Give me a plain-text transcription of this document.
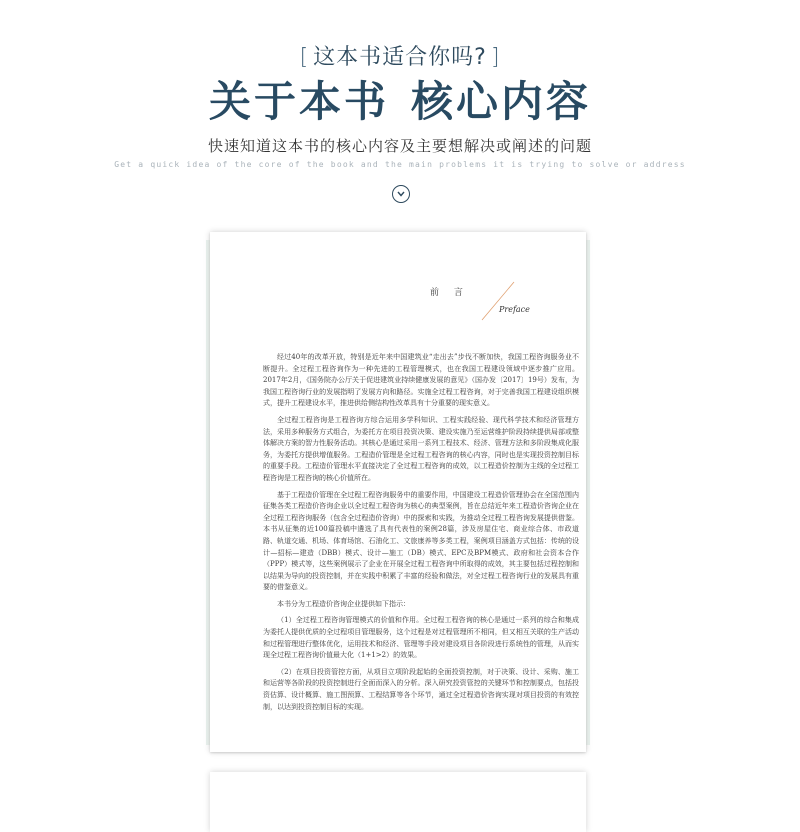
[ 这本书适合你吗? ]
关于本书 核心内容
快速知道这本书的核心内容及主要想解决或阐述的问题
Get a quick idea of the core of the book and the main problems it is trying to solve or address
前 言
Preface

经过40年的改革开放，特别是近年来中国建筑业“走出去”步伐不断加快，我国工程咨询服务业不断提升。全过程工程咨询作为一种先进的工程管理模式，也在我国工程建设领域中逐步推广应用。2017年2月，《国务院办公厅关于促进建筑业持续健康发展的意见》（国办发〔2017〕19号）发布，为我国工程咨询行业的发展指明了发展方向和路径。实施全过程工程咨询，对于完善我国工程建设组织模式，提升工程建设水平，推进供给侧结构性改革具有十分重要的现实意义。

全过程工程咨询是工程咨询方综合运用多学科知识、工程实践经验、现代科学技术和经济管理方法，采用多种服务方式组合，为委托方在项目投资决策、建设实施乃至运营维护阶段持续提供局部或整体解决方案的智力性服务活动。其核心是通过采用一系列工程技术、经济、管理方法和多阶段集成化服务，为委托方提供增值服务。工程造价管理是全过程工程咨询的核心内容，同时也是实现投资控制目标的重要手段。工程造价管理水平直接决定了全过程工程咨询的成效，以工程造价控制为主线的全过程工程咨询是工程咨询的核心价值所在。

基于工程造价管理在全过程工程咨询服务中的重要作用，中国建设工程造价管理协会在全国范围内征集各类工程造价咨询企业以全过程工程咨询为核心的典型案例，旨在总结近年来工程造价咨询企业在全过程工程咨询服务（包含全过程造价咨询）中的探索和实践，为推动全过程工程咨询发展提供借鉴。本书从征集的近100篇投稿中遴选了具有代表性的案例28篇，涉及房屋住宅、商业综合体、市政道路、轨道交通、机场、体育场馆、石油化工、文旅康养等多类工程，案例项目涵盖方式包括：传统的设计—招标—建造（DBB）模式、设计—施工（DB）模式、EPC及BPM模式、政府和社会资本合作（PPP）模式等，这些案例展示了企业在开展全过程工程咨询中所取得的成效，其主要包括过程控制和以结果为导向的投资控制，并在实践中积累了丰富的经验和做法，对全过程工程咨询行业的发展具有重要的借鉴意义。

本书分为工程造价咨询企业提供如下指示：

（1）全过程工程咨询管理模式的价值和作用。全过程工程咨询的核心是通过一系列的综合和集成为委托人提供优质的全过程项目管理服务，这个过程是对过程管理所不相同，但又相互关联的生产活动和过程管理进行整体优化，运用技术和经济、管理等手段对建设项目各阶段进行系统性的管理，从而实现全过程工程咨询价值最大化（1+1>2）的效果。

（2）在项目投资管控方面，从项目立项阶段起始的全面投资控制，对于决策、设计、采购、施工和运营等各阶段的投资控制进行全面而深入的分析。深入研究投资管控的关键环节和控制要点，包括投资估算、设计概算、施工图预算、工程结算等各个环节，通过全过程造价咨询实现对项目投资的有效控制，以达到投资控制目标的实现。
